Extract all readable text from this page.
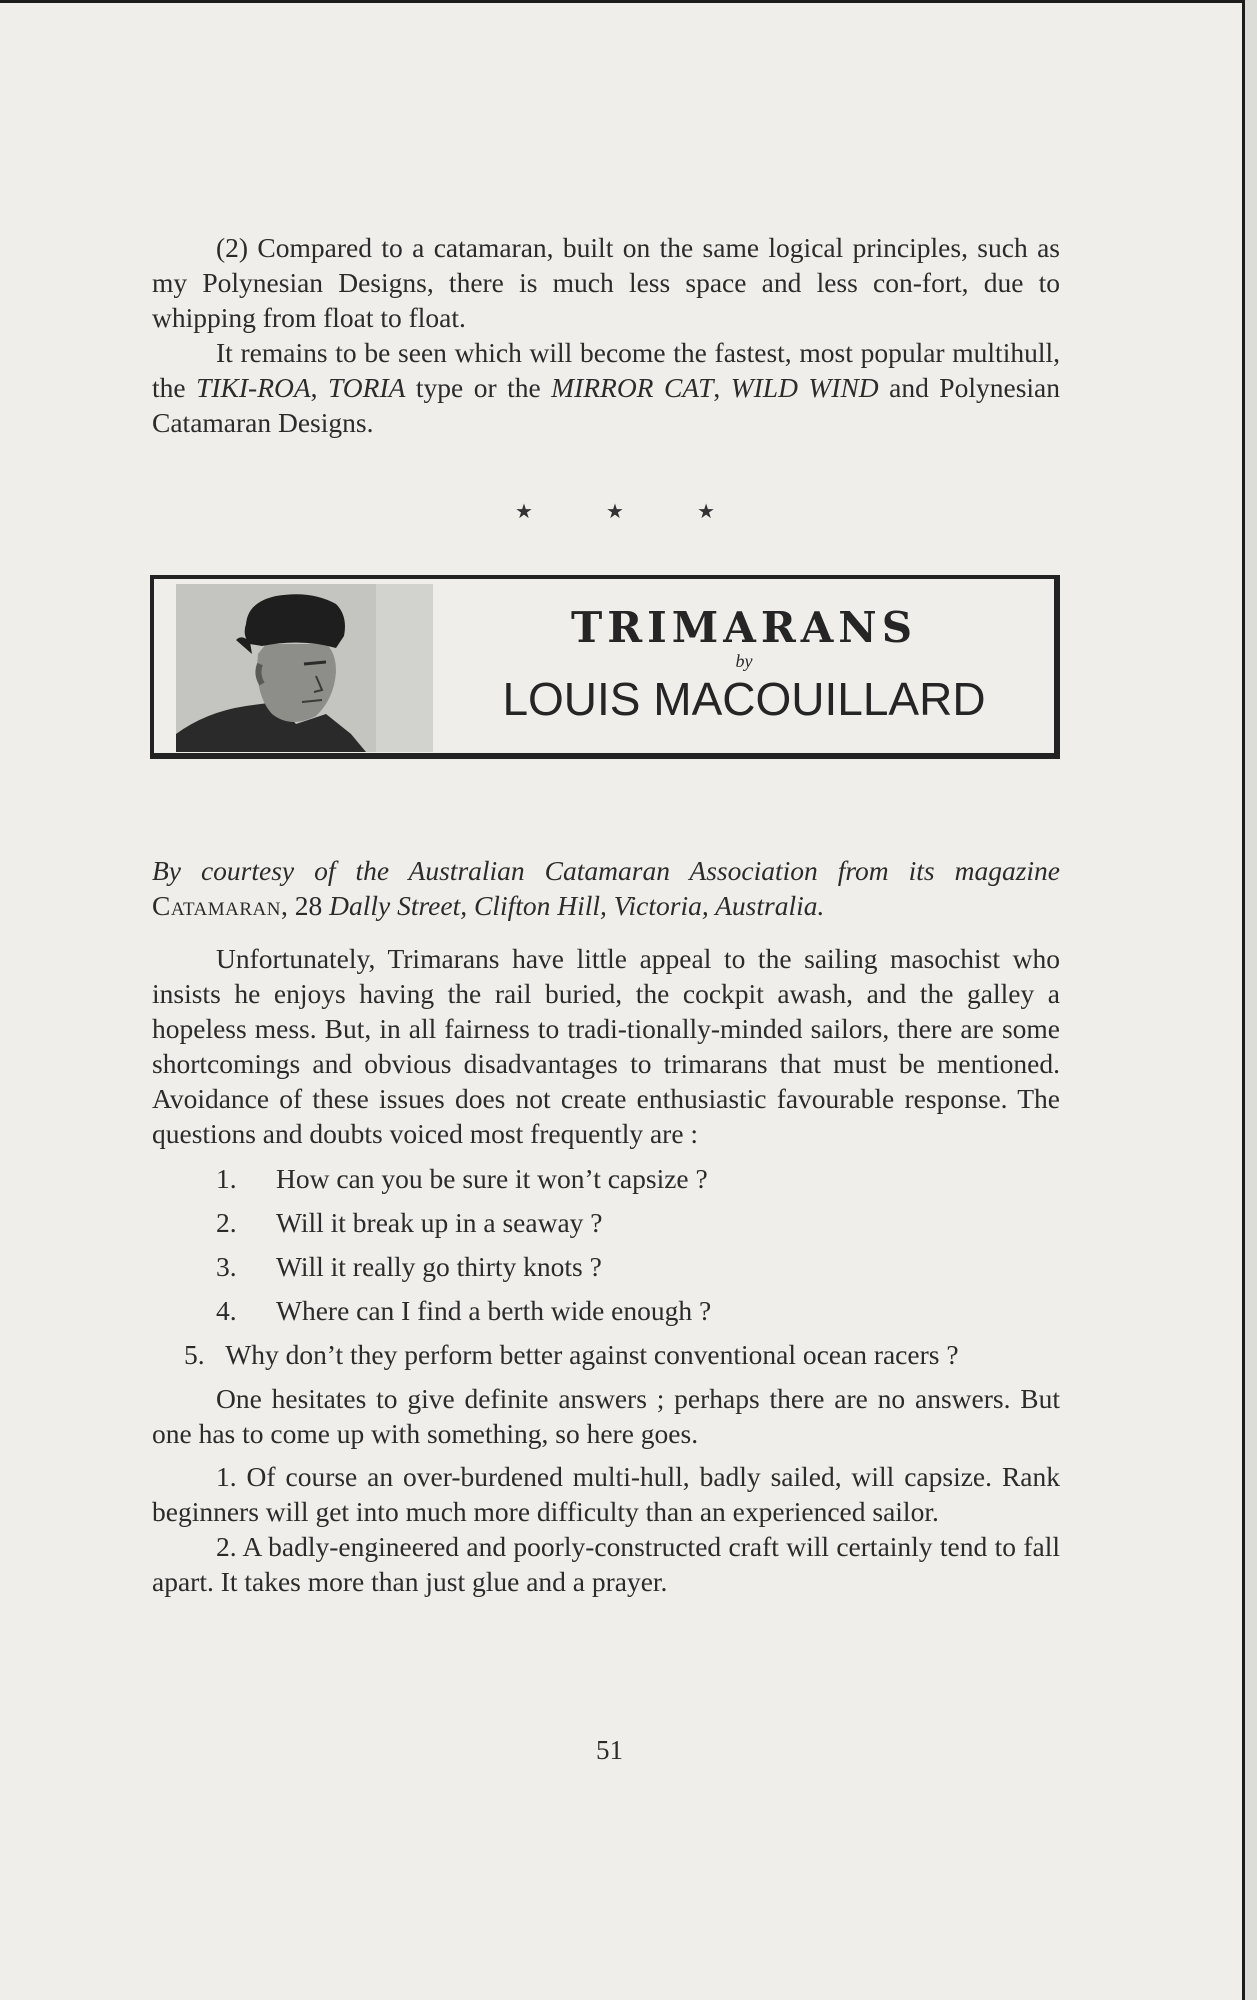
(2) Compared to a catamaran, built on the same logical principles, such as my Polynesian Designs, there is much less space and less con-fort, due to whipping from float to float.

It remains to be seen which will become the fastest, most popular multihull, the TIKI-ROA, TORIA type or the MIRROR CAT, WILD WIND and Polynesian Catamaran Designs.

★	★	★
TRIMARANS
by
LOUIS MACOUILLARD

By courtesy of the Australian Catamaran Association from its magazine Catamaran, 28 Dally Street, Clifton Hill, Victoria, Australia.

Unfortunately, Trimarans have little appeal to the sailing masochist who insists he enjoys having the rail buried, the cockpit awash, and the galley a hopeless mess. But, in all fairness to tradi-tionally-minded sailors, there are some shortcomings and obvious disadvantages to trimarans that must be mentioned. Avoidance of these issues does not create enthusiastic favourable response. The questions and doubts voiced most frequently are :

1. How can you be sure it won’t capsize ?

2. Will it break up in a seaway ?

3. Will it really go thirty knots ?

4. Where can I find a berth wide enough ?

5. Why don’t they perform better against conventional ocean racers ?

One hesitates to give definite answers ; perhaps there are no answers. But one has to come up with something, so here goes.

1. Of course an over-burdened multi-hull, badly sailed, will capsize. Rank beginners will get into much more difficulty than an experienced sailor.

2. A badly-engineered and poorly-constructed craft will certainly tend to fall apart. It takes more than just glue and a prayer.

51
